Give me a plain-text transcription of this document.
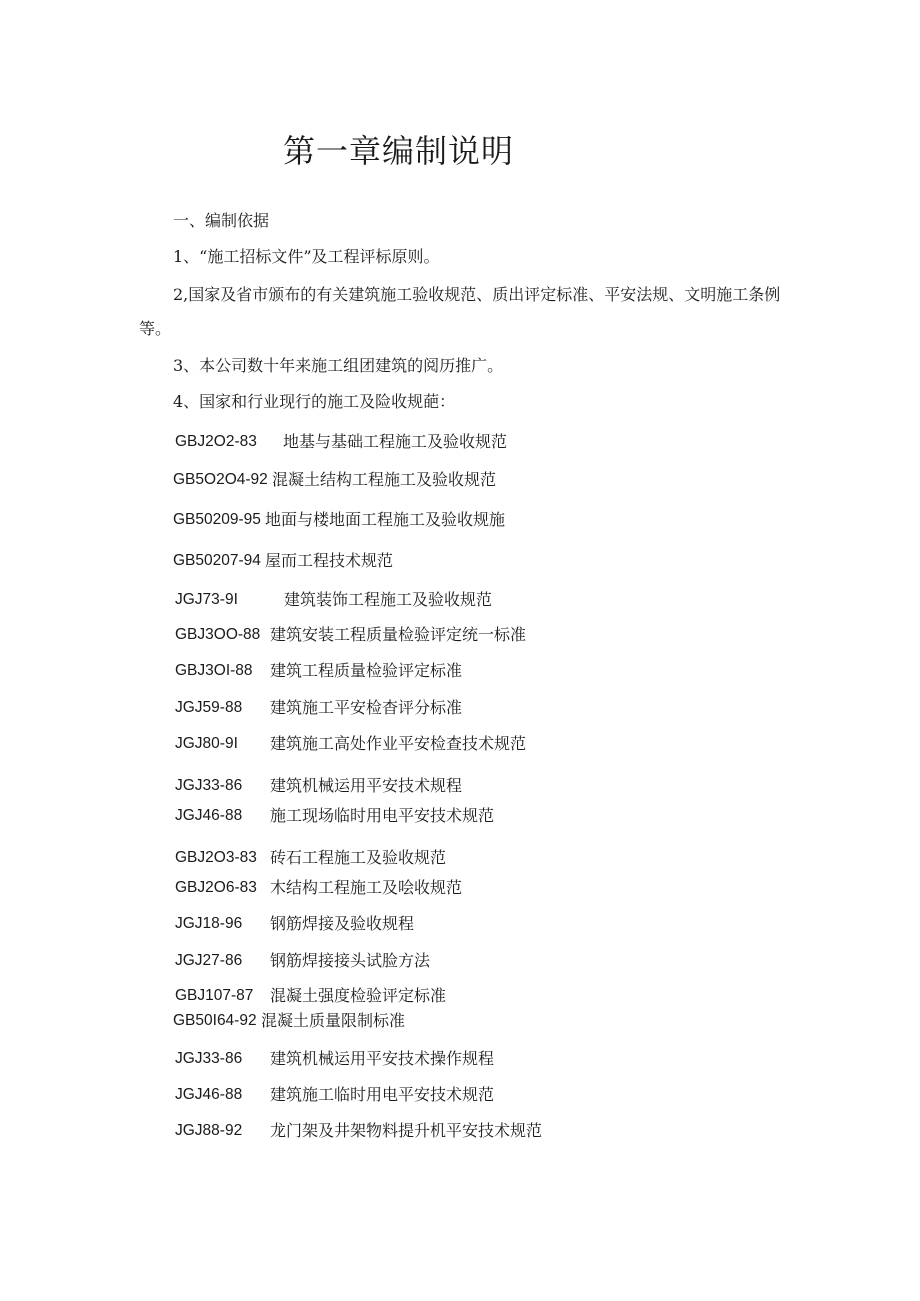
第一章编制说明
一、编制依据
1、“施工招标文件”及工程评标原则。
2,国家及省市颁布的有关建筑施工验收规范、质出评定标准、平安法规、文明施工条例等。
3、本公司数十年来施工组团建筑的阅历推广。
4、国家和行业现行的施工及险收规葩：
GBJ2O2-83 地基与基础工程施工及验收规范
GB5O2O4-92 混凝土结构工程施工及验收规范
GB50209-95 地面与楼地面工程施工及验收规施
GB50207-94 屋而工程技术规范
JGJ73-9I	建筑装饰工程施工及验收规范
GBJ3OO-88 建筑安装工程质量检验评定统一标准
GBJ3OI-88 建筑工程质量检验评定标准
JGJ59-88 建筑施工平安检杳评分标准
JGJ80-9I 建筑施工高处作业平安检查技术规范
JGJ33-86 建筑机械运用平安技术规程
JGJ46-88 施工现场临时用电平安技术规范
GBJ2O3-83 砖石工程施工及验收规范
GBJ2O6-83 木结构工程施工及哙收规范
JGJ18-96 钢筋焊接及验收规程
JGJ27-86 钢筋焊接接头试脸方法
GBJ107-87 混凝土强度检验评定标准
GB50I64-92 混凝土质量限制标准
JGJ33-86 建筑机械运用平安技术操作规程
JGJ46-88 建筑施工临时用电平安技术规范
JGJ88-92 龙门架及井架物料提升机平安技术规范
